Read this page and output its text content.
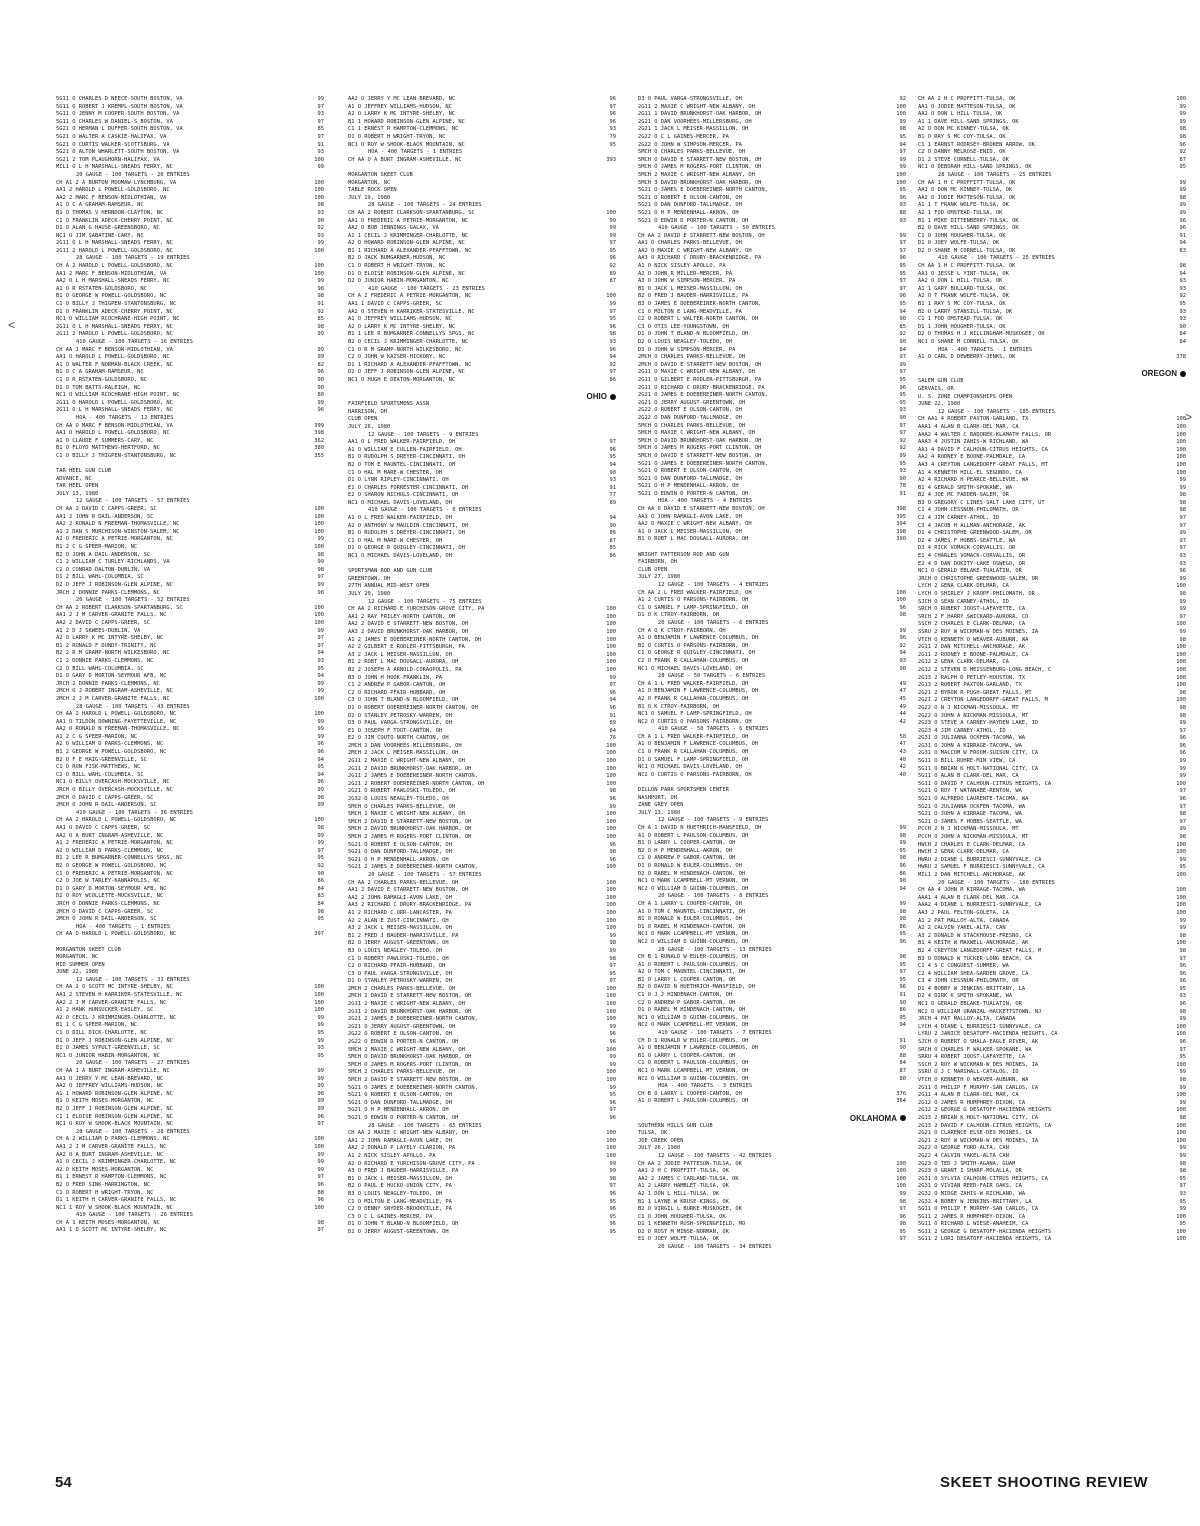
5G11 O CHARLES D NEECE-SOUTH BOSTON, VA	99
5G11 O ROBERT J KREMPL-SOUTH BOSTON, VA	97
5G11 O JENNY M COOPER-SOUTH BOSTON, VA	93
5G11 O CHARLES W DANIEL-S BOSTON, VA	97
5G21 O HERMAN L DUFFER-SOUTH BOSTON, VA	85
5G21 O WALTER A CASKIE-HALIFAX, VA	97
5G21 O CURTIS WALKER-SCOTTSBURG, VA	91
5G21 O ALTON WHARLETT-SOUTH BOSTON, VA	93
5G21 2 TOM PLAUGHORN-HALIFAX, VA	100
MIL1 O L H MARSHALL-SNEADS FERRY, NC	99
20 GAUGE - 100 TARGETS - 20 ENTRIES
CH A1 2 A BURTON MOOMAW-LYNCHBURG, VA	100
AA1 2 HAROLD L POWELL-GOLDSBORO, NC	100
AA2 2 MARC F BENSON-MIDLOTHIAN, VA	100
A1 O C A GRAHAM-RAMSEUR, NC	98
B1 O THOMAS V HERNDON-CLAYTON, NC	93
C1 O FRANKLIN ADECK-CHERRY POINT, NC	90
D1 O ALAN G HAUSE-GREENSBORO, NC	92
NC1 O JIM SABATINE-CARY, NC	93
2G11 O L H MARSHALL-SNEADS FERRY, NC	99
2G11 2 HAROLD L POWELL-GOLDSBORO, NC	100
28 GAUGE - 100 TARGETS - 19 ENTRIES
CH A 2 HAROLD L POWELL-GOLDSBORO, NC	100
AA1 2 MARC F BENSON-MIDLOTHIAN, VA	100
AA2 O L H MARSHALL-SNEADS FERRY, NC	99
A1 O R RSTATEN-GOLDSBORO, NC	98
B1 O GEORGE W POWELL-GOLDSBORO, NC	98
C1 O BILLY J THIGPEN-STANTONSBURG, NC	91
D1 O FRANKLIN ADECK-CHERRY POINT, NC	92
NC1 O WILLIAM RCOCHRANE-HIGH POINT, NC	85
2G11 O L H MARSHALL-SNEADS FERRY, NC	98
2G11 2 HAROLD L POWELL-GOLDSBORO, NC	99
410 GAUGE - 100 TARGETS - 16 ENTRIES
CH AA 1 MARC F BENSON-MIDLOTHIAN, VA	99
AA1 O HAROLD L POWELL-GOLDSBORO, NC	99
A1 O WALTER F NORMAN-BLACK CREEK, NC	82
B1 O C A GRAHAM-RAMSEUR, NC	96
C1 O R RSTATEN-GOLDSBORO, NC	90
D1 O TOM BATTS-RALEIGH, NC	90
NC1 O WILLIAM RCOCHRANE-HIGH POINT, NC	80
2G11 O HAROLD L POWELL-GOLDSBORO, NC	99
2G11 O L H MARSHALL-SNEADS FERRY, NC	96
HOA - 400 TARGETS - 12 ENTRIES
CH AA O MARC F BENSON-MIDLOTHIAN, VA	399
AA1 O HAROLD L POWELL-GOLDSBORO, NC	398
A1 O CLAUDE F SUMMERS-CARY, NC	362
B1 O FLOYD MATTHEWS-HERTFORD, NC	380
C1 O BILLY J THIGPEN-STANTONSBURG, NC	355
TAR HEEL GUN CLUB
ADVANCE, NC
TAR HEEL OPEN
JULY 13, 1980
12 GAUGE - 100 TARGETS - 57 ENTRIES
CH AA 2 DAVID C CAPPS-GREER, SC	100
AA1 2 JOHN R DAIL-ANDERSON, SC	100
AA2 2 RONALD N FREEMAN-THOMASVILLE, NC	100
A1 2 DAN S MURCHISON-WINSTON-SALEM, NC	100
A2 O FREDERIC A PETRIE-MORGANTON, NC	99
B1 2 C G SPEER-MARION, NC	100
B2 O JOHN A DAIL-ANDERSON, SC	98
C1 2 WILLIAM C TURLEY-RICHLANDS, VA	99
C2 O CONRAD DALTON-DUBLIN, VA	98
D1 2 BILL WAHL-COLUMBIA, SC	97
D2 O JEFF J ROBINSON-GLEN ALPINE, NC	99
JRCH 2 DONNIE PARKS-CLEMMONS, NC	98
20 GAUGE - 100 TARGETS - 52 ENTRIES
CH AA 2 ROBERT CLARKSON-SPARTANBURG, SC	100
AA1 2 J M CARVER-GRANITE FALLS, NC	100
AA2 2 DAVID C CAPPS-GREER, SC	100
A1 2 D J SKWEES-DUBLIN, VA	99
A2 O LARRY K MC INTYRE-SHELBY, NC	97
B1 2 RONALD F DUNDY-TRINITY, NC	97
B2 2 R M GRAMP-NORTH WILKESBORO, NC	94
C1 2 DONNIE PARKS-CLEMMONS, NC	93
C2 O BILL WAHL-COLUMBIA, SC	95
D1 O GARY D MORTON-SEYMOUR AFB, NC	94
JRCH 2 DONNIE PARKS-CLEMMONS, NC	99
2MCH O J ROBERT INGRAM-ASHEVILLE, NC	99
2MCH 2 J M CARVER-GRANITE FALLS, NC	100
28 GAUGE - 100 TARGETS - 43 ENTRIES
CH AA 2 HAROLD L POWELL-GOLDSBORO, NC	100
AA1 O TILDON DOWNING-FAYETTEVILLE, NC	99
AA2 O RONALD N FREEMAN-THOMASVILLE, NC	99
A1 2 C G SPEER-MARION, NC	99
A2 O WILLIAM D PARKS-CLEMMONS, NC	96
B1 2 GEORGE W POWELL-GOLDSBORO, NC	96
B2 O F E HAIG-GREENVILLE, SC	94
C1 O RON FISK-MATTHEWS, NC	95
C2 O BILL WAHL-COLUMBIA, SC	94
NC1 O BILLY OVERCASH-MOCKSVILLE, NC	96
JRCH O BILLY OVERCASH-MOCKSVILLE, NC	99
2MCH O DAVID C CAPPS-GREER, SC	98
2MCH O JOHN R DAIL-ANDERSON, SC	99
410 GAUGE - 100 TARGETS - 36 ENTRIES
CH AA 2 HAROLD L POWELL-GOLDSBORO, NC	100
AA1 O DAVID C CAPPS-GREER, SC	98
AA2 O A BURT INGRAM-ASHEVILLE, NC	99
A1 2 FREDERIC A PETRIE-MORGANTON, NC	99
A2 O WILLIAM D PARKS-CLEMMONS, NC	97
B1 2 LEE R BUMGARNER-CONNELLYS SPGS, NC	95
B2 O GEORGE W POWELL-GOLDSBORO, NC	92
C1 O FREDERIC A PETRIE-MORGANTON, NC	90
C2 O JOE W TARLEY-KANNAPOLIS, NC	86
D1 O GARY D MORTON-SEYMOUR AFB, NC	84
D2 O ROY WCOLLETTE-MOCKSVILLE, NC	83
JRCH O DONNIE PARKS-CLEMMONS, NC	84
2MCH O DAVID C CAPPS-GREER, SC	98
2MCH O JOHN R DAIL-ANDERSON, SC	95
HOA - 400 TARGETS - 1 ENTRIES
CH AA O HAROLD L POWELL-GOLDSBORO, NC	397
MORGANTON SKEET CLUB
MORGANTON, NC
MID SUMMER OPEN
JUNE 22, 1980
12 GAUGE - 100 TARGETS - 31 ENTRIES
CH AA 2 O SCOTT MC INTYRE-SHELBY, NC	100
AA1 2 STEVEN H KARRIKER-STATESVILLE, NC	100
AA2 2 J M CARVER-GRANITE FALLS, NC	100
A1 2 HANK HUNSUCKER-EASLEY, SC	100
A2 O CECIL J KRIMMINGER-CHARLOTTE, NC	99
B1 1 C G SPEER-MARION, NC	99
C1 O DILL DICK-CHARLOTTE, NC	95
D1 O JEFF J ROBINSON-GLEN ALPINE, NC	99
E1 O JAMES SYPULT-GREENVILLE, SC	93
NC1 O JUNIOR HABIN-MORGANTON, NC	95
20 GAUGE - 100 TARGETS - 27 ENTRIES
CH AA 1 A BURT INGRAM-ASHEVILLE, NC	99
AA1 O JERRY Y MC LEAN-BREVARD, NC	99
AA2 O JEFFREY WILLIAMS-HUDSON, NC	99
A1 1 HOWARD ROBINSON-GLEN ALPINE, NC	98
B1 O KEITH MOSES-MORGANTON, NC	99
B2 O JEFF J ROBINSON-GLEN ALPINE, NC	99
C1 1 ELOISE ROBINSON-GLEN ALPINE, NC	96
NC1 O ROY W SHOOK-BLACK MOUNTAIN, NC	97
28 GAUGE - 100 TARGETS - 28 ENTRIES
CH A 2 WILLIAM D PARKS-CLEMMONS, NC	100
AA1 2 J M CARVER-GRANITE FALLS, NC	100
AA2 O A BURT INGRAM-ASHEVILLE, NC	99
A1 O CECIL J KRIMMINGER-CHARLOTTE, NC	99
A2 O KEITH MOSES-MORGANTON, NC	99
B1 1 ERNEST R HAMPTON-CLEMMONS, NC	97
B2 O FRED SINK-HARRINGTON, NC	96
C1 O ROBERT H WRIGHT-TRYON, NC	88
D1 1 KEITH H CARVER-GRANITE FALLS, NC	96
NC1 1 ROY W SHOOK-BLACK MOUNTAIN, NC	100
410 GAUGE - 100 TARGETS - 26 ENTRIES
CH A 1 KEITH MOSES-MORGANTON, NC	98
AA1 1 D SCOTT MC INTYRE-SHELBY, NC	97
AA2 O JERRY Y MC LEAN-BREVARD, NC	96
A1 O JEFFREY WILLIAMS-HUDSON, NC	97
A2 O LARRY K MC INTYRE-SHELBY, NC	96
B1 1 HOWARD ROBINSON-GLEN ALPINE, NC	96
C1 1 ERNEST R HAMPTON-CLEMMONS, NC	93
D1 O ROBERT H WRIGHT-TRYON, NC	79
NC1 O ROY W SHOOK-BLACK MOUNTAIN, NC	95
HOA - 400 TARGETS - 1 ENTRIES
CH AA O A BURT INGRAM-ASHEVILLE, NC	393
MORGANTON SKEET CLUB
MORGANTON, NC
TABLE ROCK OPEN
JULY 19, 1980
28 GAUGE - 100 TARGETS - 24 ENTRIES
CH AA 2 ROBERT CLARKSON-SPARTANBURG, SC	100
AA1 O FREDERIC A PETRIE-MORGANTON, NC	99
AA2 O BOB JENNINGS-GALAX, VA	99
A1 1 CECIL J KRIMMINGER-CHARLOTTE, NC	99
A2 O HOWARD ROBINSON-GLEN ALPINE, NC	97
B1 1 RICHARD A ALEXANDER-PFAFFTOWN, NC	95
B2 O JACK BUMGARNER-HUDSON, NC	96
C1 O ROBERT H WRIGHT-TRYON, NC	92
D1 O ELOISE ROBINSON-GLEN ALPINE, NC	89
D2 O JUNIOR HABIN-MORGANTON, NC	87
410 GAUGE - 100 TARGETS - 23 ENTRIES
CH A 2 FREDERIC A PETRIE-MORGANTON, NC	100
AA1 1 DAVID C CAPPS-GREER, SC	99
AA2 O STEVEN H KARRIKER-STATESVILLE, NC	97
A1 O JEFFREY WILLIAMS-HUDSON, NC	95
A2 O LARRY K MC INTYRE-SHELBY, NC	96
B1 1 LEE R BUMGARNER-CONNELLYS SPGS, NC	98
B2 O CECIL J KRIMMINGER-CHARLOTTE, NC	93
C1 O R M GRAMP-NORTH WILKESBORO, NC	96
C2 O JOHN W KAISER-HICKORY, NC	94
D1 1 RICHARD A ALEXANDER-PFAFFTOWN, NC	92
D2 O JEFF J ROBINSON-GLEN ALPINE, NC	97
NC1 O HUGH E DEATON-MORGANTON, NC	86
OHIO
FAIRFIELD SPORTSMENS ASSN
HARRISON, OH
CLUB OPEN
JULY 26, 1980
12 GAUGE - 100 TARGETS - 9 ENTRIES
AA1 O L FRED WALKER-FAIRFIELD, OH	97
A1 O WILLIAM E CULLEN-FAIRFIELD, OH	96
B1 O RUDOLPH S DREYER-CINCINNATI, OH	95
B2 O TOM E MAUNTEL-CINCINNATI, OH	94
C1 O HAL M MARE-W CHESTER, OH	90
D1 O LYNN RIPLEY-CINCINNATI, OH	93
E1 O CHARLES FORRESTER-CINCINNATI, OH	91
E2 O SHARON NICHOLS-CINCINNATI, OH	77
NC1 O MICHAEL DAVIS-LOVELAND, OH	89
410 GAUGE - 100 TARGETS - 6 ENTRIES
A1 O L FRED WALKER-FAIRFIELD, OH	94
A2 O ANTHONY W MAULDIN-CINCINNATI, OH	90
B1 O RUDOLPH S DREYER-CINCINNATI, OH	86
C1 O HAL M MARE-W CHESTER, OH	87
D1 O GEORGE R QUIGLEY-CINCINNATI, OH	85
NC1 O MICHAEL DAVIS-LOVELAND, OH	86
SPORTSMAN ROD AND GUN CLUB
GREENTOWN, OH
27TH ANNUAL MID-WEST OPEN
JULY 20, 1980
12 GAUGE - 100 TARGETS - 75 ENTRIES
CH AA 2 RICHARD E YURCHISON-GROVE CITY, PA	100
AA1 2 RAY FRILEY-NORTH CANTON, OH	100
AA2 2 DAVID E STARRETT-NEW BOSTON, OH	100
AA3 2 DAVID BRUNKHORST-OAK HARBOR, OH	100
A1 2 JAMES E DOEBEREINER-NORTH CANTON, OH	100
A2 2 GILBERT E RODLER-PITTSBURGH, PA	100
A3 2 JACK L MEISER-MASSILLON, OH	100
B1 2 ROBT L MAC DOUGALL-AURORA, OH	100
B2 2 JOSEPH A ARNOLD-CORAOPOLIS, PA	100
B3 O JOHN H HOOK-FRANKLIN, PA	99
C1 2 ANDREW P GABOR-CANTON, OH	97
C2 O RICHARD PFAIR-HUBBARD, OH	96
C3 O JOHN T BLAND-N BLOOMFIELD, OH	94
D1 O ROBERT DOEREREINER-NORTH CANTON, OH	96
D2 O STANLEY PETROSKY-WARREN, OH	91
D3 O PAUL VARGA-STRONGSVILLE, OH	89
E1 O JOSEPH F TOOT-CANTON, OH	84
E2 O JIM COUTO-NORTH CANTON, OH	76
2MCH 2 DAN VOORHEES-MILLERSBURG, OH	100
2MCH 2 JACK L MEISER-MASSILLON, OH	100
2G11 2 MAXIE C WRIGHT-NEW ALBANY, OH	100
2G11 2 DAVID BRUNKHORST-OAK HARBOR, OH	100
2G11 2 JAMES E DOEBEREINER-NORTH CANTON,	100
2G21 2 ROBERT DOEREREINER-NORTH CANTON, OH	100
2G21 O ROBERT PAWLOSKI-TOLEDO, OH	98
2G32 O LOUIS NEAGLEY-TOLEDO, OH	96
5MCH O CHARLES PARKS-BELLEVUE, OH	99
5MCH 1 MAXIE C WRIGHT-NEW ALBANY, OH	100
5MCH 2 DAVID E STARRETT-NEW BOSTON, OH	100
5MCH 2 DAVID BRUNKHORST-OAK HARBOR, OH	100
5MCH 2 JAMES M ROGERS-PORT CLINTON, OH	100
5G21 O ROBERT E OLSON-CANTON, OH	96
5G21 O DAN DUNFORD-TALLMADGE, OH	98
5G21 O H P MENDENHALL-AKRON, OH	96
5G21 2 JAMES E DOEBEREINER-NORTH CANTON,	100
20 GAUGE - 100 TARGETS - 57 ENTRIES
CH AA 2 CHARLES PARKS-BELLEVUE, OH	100
AA1 2 DAVID E STARRETT-NEW BOSTON, OH	100
AA2 2 JOHN RAMAGLI-AVON LAKE, OH	100
AA3 2 RICHARD C DRURY-BRACKENRIDGE, PA	100
A1 2 RICHARD C ORR-LANCASTER, PA	100
A2 2 ALAN E ZUST-CINCINNATI, OH	100
A3 2 JACK L MEISER-MASSILLON, OH	100
B1 2 FRED J BAUDER-HARRISVILLE, PA	99
B2 O JERRY AUGUST-GREENTOWN, OH	98
B3 O LOUIS NEAGLEY-TOLEDO, OH	99
C1 O ROBERT PAWLOSKI-TOLEDO, OH	98
C2 O RICHARD PFAIR-HUBBARD, OH	97
C3 O PAUL VARGA-STRONGSVILLE, OH	95
D1 O STANLEY PETROSKY-WARREN, OH	97
2MCH 2 CHARLES PARKS-BELLEVUE, OH	100
2MCH 2 DAVID E STARRETT-NEW BOSTON, OH	100
2G11 2 MAXIE C WRIGHT-NEW ALBANY, OH	100
2G11 2 DAVID BRUNKHORST-OAK HARBOR, OH	100
2G21 2 JAMES E DOEBEREINER-NORTH CANTON,	100
2G21 O JERRY AUGUST-GREENTOWN, OH	99
2G22 O ROBERT E OLSON-CANTON, OH	96
2G22 O EDWIN D PORTER-N CANTON, OH	96
5MCH 2 MAXIE C WRIGHT-NEW ALBANY, OH	100
5MCH O DAVID BRUNKHORST-OAK HARBOR, OH	99
5MCH O JAMES M ROGERS-PORT CLINTON, OH	99
5MCH 2 CHARLES PARKS-BELLEVUE, OH	100
5MCH 2 DAVID E STARRETT-NEW BOSTON, OH	100
5G21 O JAMES E DOEBEREINER-NORTH CANTON,	99
5G21 O ROBERT E OLSON-CANTON, OH	95
5G21 O DAN DUNFORD-TALLMADGE, OH	96
5G21 O H P MENDENHALL-AKRON, OH	97
5G21 O EDWIN D PORTER-N CANTON, OH	96
28 GAUGE - 100 TARGETS - 65 ENTRIES
CH AA 2 MAXIE C WRIGHT-NEW ALBANY, OH	100
AA1 2 JOHN RAMAGLI-AVON LAKE, OH	100
AA2 2 DONALD P LAYELY-CLARION, PA	100
A1 2 NICK SISLEY-APOLLO, PA	100
A2 O RICHARD E YURCHISON-GROVE CITY, PA	99
A3 O FRED J BAUDER-HARRISVILLE, PA	99
B1 O JACK L MEISER-MASSILLON, OH	98
B2 O PAUL E HUCKO-UNION CITY, PA	97
B3 O LOUIS NEAGLEY-TOLEDO, OH	96
C1 O MILTON E LANG-MEADVILLE, PA	95
C2 O DENNY SNYDER-BROOKVILLE, PA	96
C3 O C L GAINES-MERCER, PA	95
D1 O JOHN T BLAND-N BLOOMFIELD, OH	96
D2 O JERRY AUGUST-GREENTOWN, OH	95
D3 O PAUL VARGA-STRONGSVILLE, OH	92
2G11 2 MAXIE C WRIGHT-NEW ALBANY, OH	100
2G11 1 DAVID BRUNKHORST-OAK HARBOR, OH	100
2G21 O DAN VOORHEES-MILLERSBURG, OH	99
2G21 1 JACK L MEISER-MASSILLON, OH	98
2G22 O C L GAINES-MERCER, PA	95
2G22 O JOHN W SIMPSON-MERCER, PA	94
5MCH O CHARLES PARKS-BELLEVUE, OH	97
5MCH O DAVID E STARRETT-NEW BOSTON, OH	99
5MCH O JAMES M ROGERS-PORT CLINTON, OH	99
5MCH 2 MAXIE C WRIGHT-NEW ALBANY, OH	100
5MCH 3 DAVID BRUNKHORST-OAK HARBOR, OH	100
5G21 O JAMES E DOEBEREINER-NORTH CANTON,	95
5G21 O ROBERT E OLSON-CANTON, OH	96
5G21 O DAN DUNFORD-TALLMADGE, OH	93
5G21 O H P MENDENHALL-AKRON, OH	88
5G21 O EDWIN D PORTER-N CANTON, OH	93
410 GAUGE - 100 TARGETS - 50 ENTRIES
CH AA 2 DAVID E STARRETT-NEW BOSTON, OH	99
AA1 O CHARLES PARKS-BELLEVUE, OH	97
AA2 O MAXIE C WRIGHT-NEW ALBANY, OH	97
AA3 O RICHARD C DRURY-BRACKENRIDGE, PA	96
A1 O NICK SISLEY-APOLLO, PA	95
A2 O JOHN R MILLER-MERCER, PA	95
A3 O JOHN W SIMPSON-MERCER, PA	97
B1 O JACK L MEISER-MASSILLON, OH	97
B2 O FRED J BAUDER-HARRISVILLE, PA	96
B3 O JAMES E DOEBEREINER-NORTH CANTON,	95
C1 O MILTON E LANG-MEADVILLE, PA	94
C2 O ROBERT L WALTER-NORTH CANTON, OH	90
C3 O OTIS LEE-YOUNGSTOWN, OH	85
D1 O JOHN T BLAND-N BLOOMFIELD, OH	92
D2 O LOUIS NEAGLEY-TOLEDO, OH	90
D3 O JOHN W SIMPSON-MERCER, PA	84
2MCH O CHARLES PARKS-BELLEVUE, OH	97
2MCH O DAVID E STARRETT-NEW BOSTON, OH	99
2G11 O MAXIE C WRIGHT-NEW ALBANY, OH	97
2G11 O GILBERT E RODLER-PITTSBURGH, PA	95
2G11 O RICHARD C DRURY-BRACKENRIDGE, PA	96
2G21 O JAMES E DOEBEREINER-NORTH CANTON,	95
2G21 O JERRY AUGUST-GREENTOWN, OH	95
2G22 O ROBERT E OLSON-CANTON, OH	93
2G22 O DAN DUNFORD-TALLMADGE, OH	90
5MCH O CHARLES PARKS-BELLEVUE, OH	97
5MCH O MAXIE C WRIGHT-NEW ALBANY, OH	97
5MCH O DAVID BRUNKHORST-OAK HARBOR, OH	92
5MCH O JAMES M ROGERS-PORT CLINTON, OH	92
5MCH O DAVID E STARRETT-NEW BOSTON, OH	99
5G21 O JAMES E DOEBEREINER-NORTH CANTON,	95
5G21 O ROBERT E OLSON-CANTON, OH	93
5G21 O DAN DUNFORD-TALLMADGE, OH	90
5G21 O H P MENDENHALL-AKRON, OH	78
5G21 O EDWIN D PORTER-N CANTON, OH	91
HOA - 400 TARGETS - 4 ENTRIES
CH AA O DAVID E STARRETT-NEW BOSTON, OH	398
AA1 O JOHN RAMAGLI-AVON LAKE, OH	395
AA2 O MAXIE C WRIGHT-NEW ALBANY, OH	394
A1 O JACK L MEISER-MASSILLON, OH	398
B1 O ROBT L MAC DOUGALL-AURORA, OH	390
WRIGHT PATTERSON ROD AND GUN
FAIRBORN, OH
CLUB OPEN
JULY 27, 1980
12 GAUGE - 100 TARGETS - 4 ENTRIES
CH AA 2 L FRED WALKER-FAIRFIELD, OH	100
A1 2 CURTIS O PARSONS-FAIRBORN, OH	100
C1 O SAMUEL F LAMP-SPRINGFIELD, OH	96
D1 O K CTROY-FAIRBORN, OH	98
20 GAUGE - 100 TARGETS - 6 ENTRIES
CH A O K CTROY-FAIRBORN, OH	99
A1 O BENJAMIN F LAWRENCE-COLUMBUS, OH	96
B1 O CURTIS O PARSONS-FAIRBORN, OH	92
C1 O GEORGE R QUIGLEY-CINCINNATI, OH	94
C2 O FRANK R CALLAHAN-COLUMBUS, OH	93
NC1 O MICHAEL DAVIS-LOVELAND, OH	90
28 GAUGE - 50 TARGETS - 6 ENTRIES
CH A 1 L FRED WALKER-FAIRFIELD, OH	49
A1 O BENJAMIN F LAWRENCE-COLUMBUS, OH	47
A2 O FRANK R CALLAHAN-COLUMBUS, OH	45
B1 O K CTROY-FAIRBORN, OH	49
NC1 O SAMUEL F LAMP-SPRINGFIELD, OH	44
NC2 O CURTIS O PARSONS-FAIRBORN, OH	42
410 GAUGE - 50 TARGETS - 6 ENTRIES
CH A 1 L FRED WALKER-FAIRFIELD, OH	50
A1 O BENJAMIN F LAWRENCE-COLUMBUS, OH	47
C1 O FRANK R CALLAHAN-COLUMBUS, OH	43
D1 O SAMUEL F LAMP-SPRINGFIELD, OH	40
NC1 O MICHAEL DAVIS-LOVELAND, OH	42
NC2 O CURTIS O PARSONS-FAIRBORN, OH	40
DILLON PARK SPORTSMEN CENTER
NASHPORT, OH
ZANE GREY OPEN
JULY 13, 1980
12 GAUGE - 100 TARGETS - 9 ENTRIES
CH A 1 DAVID N HUETHRICH-MANSFIELD, OH	99
A1 O ROBERT L PAULSON-COLUMBUS, OH	98
B1 O LARRY L COOPER-CANTON, OH	99
B2 O H P MENDENHALL-AKRON, OH	95
C1 O ANDREW P GABOR-CANTON, OH	98
D1 O RONALD W EULER-COLUMBUS, OH	96
D2 O RABEL M HINDENACH-CANTON, OH	86
NC1 O MARK LCAMPBELL-MT VERNON, OH	90
NC2 O WILLIAM D GUINN-COLUMBUS, OH	94
20 GAUGE - 100 TARGETS - 8 ENTRIES
CH A 1 LARRY L COOPER-CANTON, OH	99
A1 O TOM C MAUNTEL-CINCINNATI, OH	98
B1 O RONALD W EULER-COLUMBUS, OH	98
D1 O RABEL M HINDENACH-CANTON, OH	86
NC1 O MARK LCAMPBELL-MT VERNON, OH	95
NC2 O WILLIAM D GUINN-COLUMBUS, OH	96
28 GAUGE - 100 TARGETS - 13 ENTRIES
CH B 1 RONALD W EULER-COLUMBUS, OH	98
A1 O ROBERT L PAULSON-COLUMBUS, OH	95
A2 O TOM C MAUNTEL-CINCINNATI, OH	97
B1 O LARRY L COOPER-CANTON, OH	95
B2 O DAVID N HUETHRICH-MANSFIELD, OH	96
C1 O J J HINDENACH-CANTON, OH	91
C2 O ANDREW P GABOR-CANTON, OH	90
D1 O RABEL M HINDENACH-CANTON, OH	86
NC1 O WILLIAM D GUINN-COLUMBUS, OH	95
NC2 O MARK LCAMPBELL-MT VERNON, OH	94
410 GAUGE - 100 TARGETS - 7 ENTRIES
CH D 1 RONALD W EULER-COLUMBUS, OH	91
A1 O BENJAMIN F LAWRENCE-COLUMBUS, OH	90
B1 O LARRY L COOPER-CANTON, OH	88
C1 O ROBERT L PAULSON-COLUMBUS, OH	84
NC1 O MARK LCAMPBELL-MT VERNON, OH	87
NC2 O WILLIAM D GUINN-COLUMBUS, OH	80
HOA - 400 TARGETS - 3 ENTRIES
CH B O LARRY L COOPER-CANTON, OH	376
A1 O ROBERT L PAULSON-COLUMBUS, OH	364
OKLAHOMA
SOUTHERN HILLS GUN CLUB
TULSA, OK
JOE CREEK OPEN
JULY 26, 1980
12 GAUGE - 100 TARGETS - 42 ENTRIES
CH AA 2 JODIE PATTESON-TULSA, OK	100
AA1 2 H C PROFFITT-TULSA, OK	100
AA2 2 JAMES C CARLAND-TULSA, OK	100
A1 2 LARRY HAMBLET-TULSA, OK	100
A2 1 DON L HILL-TULSA, OK	99
B1 1 LAYNE W KRUSE-KINGS, OK	98
B2 O VIRGIL L BURKE-MUSKOGEE, OK	97
C1 O JOHN HOUGHER-TULSA, OK	96
D1 1 KENNETH RUSH-SPRINGFIELD, MO	98
D2 O ROST M MINSE-NORMAN, OK	95
E1 O JOEY WOLFE-TULSA, OK	97
20 GAUGE - 100 TARGETS - 34 ENTRIES
CH AA 2 H C PROFFITT-TULSA, OK	100
AA1 O JODIE MATTESON-TULSA, OK	99
AA2 O DON L HILL-TULSA, OK	99
A1 1 DAVE HILL-SAND SPRINGS, OK	99
A2 O DON MC KINNEY-TULSA, OK	98
B1 O RAY S MC COY-TULSA, OK	98
C1 1 EARNST RODRSEY-BROKEN ARROW, OK	96
C2 O DANNY MELROSE-ENID, OK	92
D1 2 STEVE CORNELL-TULSA, OK	87
NC1 O DEBORAH HILL-SAND SPRINGS, OK	95
28 GAUGE - 100 TARGETS - 25 ENTRIES
CH AA 1 H C PROFFITT-TULSA, OK	99
AA1 O DON MC KINNEY-TULSA, OK	99
AA2 O JODIE MATTESON-TULSA, OK	98
A1 1 T FRANK WOLFE-TULSA, OK	99
A2 1 FOD OMSTEAD-TULSA, OK	99
B1 1 MIKE DITTENBERRY-TULSA, OK	96
B2 O DAVE HILL-SAND SPRINGS, OK	96
C1 O JOHN HOUGHER-TULSA, OK	91
D1 O JOEY WOLFE-TULSA, OK	94
D2 O SHANE M CORNELL-TULSA, OK	83
410 GAUGE - 100 TARGETS - 25 ENTRIES
CH AA 1 H C PROFFITT-TULSA, OK	98
AA1 O JESSE L YINT-TULSA, OK	94
AA2 O DON L HILL-TULSA, OK	93
A1 1 GARY BULLARD-TULSA, OK	93
A2 O T FRANK WOLFE-TULSA, OK	92
B1 1 RAY S MC COY-TULSA, OK	95
B2 O LARRY STANSILL-TULSA, OK	93
C1 1 FOD OMSTEAD-TULSA, OK	93
D1 1 JOHN HOUGHER-TULSA, OK	90
D2 O THOMAS H J WILLINGHAM-MUSKOGEE, OK	84
NC1 O SHANE M CORNELL-TULSA, OK	84
HOA - 400 TARGETS - 1 ENTRIES
A1 O CARL D DEWBERRY-JENKS, OK	378
OREGON
SALEM GUN CLUB
GERVAIS, OR
U. S. ZONE CHAMPIONSHIPS OPEN
JUNE 22, 1980
12 GAUGE - 100 TARGETS - 185 ENTRIES
CH AA1 4 ROBERT PAXTON-GARLAND, TX	100
AAA1 4 ALAN B CLARK-DEL MAR, CA	100
AAA2 4 WALTER C BADOREK-KLAMATH FALLS, OR	100
AAA3 4 JUSTIN ZAHIS-W RICHLAND, WA	100
AA1 4 DAVID F CALHOUN-CITRUS HEIGHTS, CA	100
AA2 4 RODNEY E BOONE-PALMDALE, CA	100
AA3 4 CREYTON LANGEDORFF-GREAT FALLS, MT	100
A1 4 KENNETH HILL-EL SEGUNDO, CA	100
A2 4 RICHARD H PEARCE-BELLEVUE, WA	99
B1 4 GERALD SMITH-SPOKANE, WA	99
B2 4 JOE MC FADDEN-SALEM, OR	98
B3 O GREGORY C LINES-SALT LAKE CITY, UT	98
C1 4 JOHN CESSNUN-PHILOMATH, OR	98
C2 4 JIM CARNEY-ATHOL, ID	97
C3 4 JACOB H ALLMAN-ANCHORAGE, AK	97
D1 4 CHRISTOPHE GREENWOOD-SALEM, OR	99
D2 4 JAMES F HOBBS-SEATTLE, WA	97
D3 4 RICK VOMACK-CORVALLIS, OR	97
E1 4 CHARLES VOMACK-CORVALLIS, OR	93
E2 4 D DAN DOKITY-LAKE OSWEGO, OR	93
NC1 O GERALD EBLAKE-TUALATIN, OR	96
JRCH O CHRISTOPHE GREENWOOD-SALEM, OR	99
LYCH 2 GENA CLARK-DELMAR, CA	100
LYCH O SHIRLEY J KROPF-PHILOMATH, OR	98
SJCH O SEAN CARNEY-ATHOL, ID	99
SRCH O ROBERT JOOST-LAFAYETTE, CA	99
SRCH 2 F HARRY SWICKARD-AURORA, CO	97
SSCH 2 CHARLES E CLARK-DELMAR, CA	100
SSRU 2 ROY W WICKMAN-W DES MOINES, IA	99
VTCH O KENNETH O WEAVER-AUBURN, WA	98
2G11 2 DAN MITCHELL-ANCHORAGE, AK	100
2G11 2 RODNEY E BOONE-PALMDALE, CA	100
2G12 2 GENA CLARK-DELMAR, CA	100
2G12 2 STEVEN D MEISSENBURG-LONG BEACH, C	100
2G13 2 RALPH D PETLEY-HOUSTON, TX	100
2G13 2 ROBERT PAXTON-GARLAND, TX	100
2G21 2 BYRON R PUGH-GREAT FALLS, MT	98
2G21 2 CREYTON LANGEDORFF-GREAT FALLS, M	100
2G22 O N J NICKMAN-MISSOULA, MT	98
2G22 O JOHN A NICKMAN-MISSOULA, MT	98
2G23 O STEVE A CARNEY-HAYDEN LAKE, ID	99
2G23 4 JIM CARNEY-ATHOL, ID	97
2G31 O JULIANNA OCKFEN-TACOMA, WA	96
2G31 O JOHN A KIRRAGE-TACOMA, WA	96
2G31 O MALCOM W FROOM-SUISUN CITY, CA	96
5G11 O BILL RUHRE-MIN VIEW, CA	99
5G11 O BRIAN K HOLT-NATIONAL CITY, CA	99
5G11 O ALAN B CLARK-DEL MAR, CA	99
5G11 O DAVID F CALHOUN-CITRUS HEIGHTS, CA	100
5G21 O ROY T WATANABE-RENTON, WA	97
5G21 O ALFREDO LAURENTE-TACOMA, WA	96
5G21 O JULIANNA OCKFEN-TACOMA, WA	97
5G21 O JOHN A KIRRAGE-TACOMA, WA	98
5G21 O JAMES F HOBBS-SEATTLE, WA	97
PCCH 2 N J NICKMAN-MISSOULA, MT	99
PCCH O JOHN A NICKMAN-MISSOULA, MT	98
HWCH 2 CHARLES E CLARK-DELMAR, CA	100
HWCH 2 GENA CLARK-DELMAR, CA	100
HWRU 2 DIANE L BURRIESCI-SUNNYVALE, CA	99
HWRU 2 SAMUEL F BURRIESCI-SUNNYVALE, CA	95
MIL1 2 DAN MITCHELL-ANCHORAGE, AK	100
20 GAUGE - 100 TARGETS - 180 ENTRIES
CH AA 4 JOHN R KIRRAGE-TACOMA, WA	100
AAA1 4 ALAN B CLARK-DEL MAR, CA	100
AAA2 4 DIANE L BURRIESCI-SUNNYVALE, CA	100
AA3 2 PAUL FELTON-GOLETA, CA	100
A1 2 PAT MALLOY-ALTA, CANADA	99
A2 2 CALVIN YAKEL-ALTA, CAN	99
A3 2 DONALD W STACKHOUSE-FRESNO, CA	98
B1 4 KEITH W MAXWELL-ANCHORAGE, AK	100
B2 4 CREYTON LANGEDORFF-GREAT FALLS, M	98
B3 O DONALD W TUCKER-LONG BEACH, CA	97
C1 4 S C CONGUEST-SUMMER, WA	96
C2 4 WILLIAM SHEA-GARDEN GROVE, CA	96
C3 4 JOHN CESSNUN-PHILOMATH, OR	96
D1 4 BOBBY W JENKINS-BRITTANY, LA	95
D2 4 DIRK K SMITH-SPOKANE, WA	93
NC1 O GERALD EBLAKE-TUALATIN, OR	96
NC2 O WILLIAM URANZAL-HACKETTSTOWN, NJ	98
JRCH 4 PAT MALLOY-ALTA, CANADA	99
LYCH 4 DIANE L BURRIESCI-SUNNYVALE, CA	100
LYRU 2 JANICE DESATOFF-HACIENDA HEIGHTS, CA	100
SJCH O ROBERT O SHALA-EAGLE RIVER, AK	96
SRCH O CHARLES F WALKER-SPOKANE, WA	97
SRRU 4 ROBERT JOOST-LAFAYETTE, CA	95
SSCH 2 ROY W WICKMAN-W DES MOINES, IA	100
SSRU O J C MARSHALL-CATALOG, ID	99
VTCH O KENNETH O WEAVER-AUBURN, WA	98
2G11 O PHILIP F MURPHY-SAN CARLOS, CA	99
2G11 4 ALAN B CLARK-DEL MAR, CA	100
2G12 O JAMES R HUMPHREY-DIXON, CA	99
2G12 2 GEORGE G DESATOFF-HACIENDA HEIGHTS	100
2G13 2 BRIAN K HOLT-NATIONAL CITY, CA	98
2G13 2 DAVID F CALHOUN-CITRUS HEIGHTS, CA	100
2G21 O CLARENCE ELSE-DES MOINES, IA	100
2G21 2 ROY W WICKMAN-W DES MOINES, IA	100
2G22 O GEORGE FORD-ALTA, CAN	99
2G22 4 CALVIN YAKEL-ALTA CAN	99
2G23 O TED J SMITH-AGANA, GUAM	98
2G23 O GRANT I SHARP-MOLALLA, OR	98
2G31 O SYLVIA CALHOUN-CITRUS HEIGHTS, CA	95
2G31 O VIVIAN REED-FAIR OAKS, CA	97
2G32 O MIDGE ZAHIS-W RICHLAND, WA	93
2G32 4 BOBBY W JENKINS-BRITTANY, LA	95
5G11 O PHILIP F MURPHY-SAN CARLOS, CA	99
5G11 2 JAMES R HUMPHREY-DIXON, CA	100
5G11 O RICHARD L WIESE-ANAHEIM, CA	95
5G11 2 GEORGE G DESATOFF-HACIENDA HEIGHTS	100
5G11 2 LORI DESATOFF-HACIENDA HEIGHTS, CA	100
<
>
54	SKEET SHOOTING REVIEW
